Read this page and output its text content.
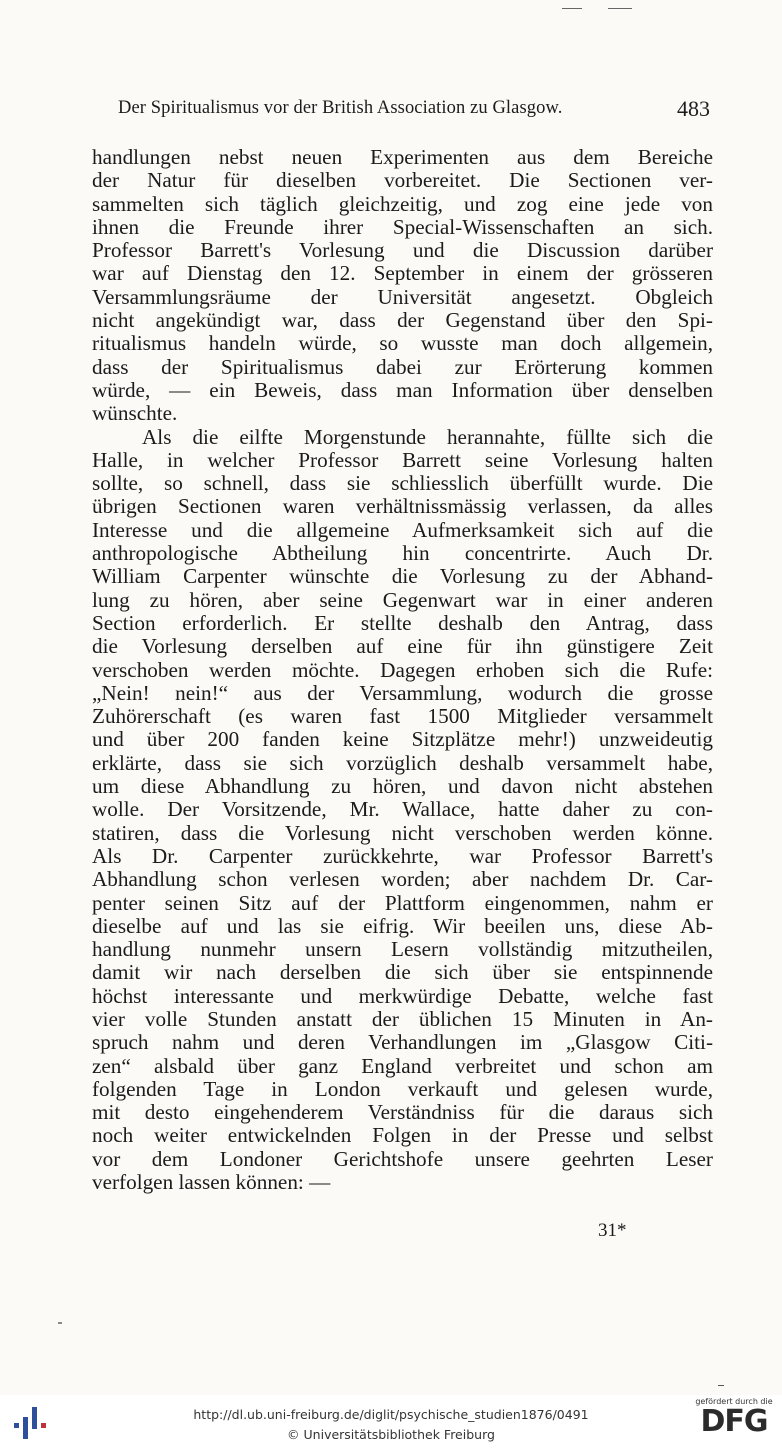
Der Spiritualismus vor der British Association zu Glasgow.	483
handlungen nebst neuen Experimenten aus dem Bereiche
der Natur für dieselben vorbereitet. Die Sectionen ver-
sammelten sich täglich gleichzeitig, und zog eine jede von
ihnen die Freunde ihrer Special-Wissenschaften an sich.
Professor Barrett's Vorlesung und die Discussion darüber
war auf Dienstag den 12. September in einem der grösseren
Versammlungsräume der Universität angesetzt. Obgleich
nicht angekündigt war, dass der Gegenstand über den Spi-
ritualismus handeln würde, so wusste man doch allgemein,
dass der Spiritualismus dabei zur Erörterung kommen
würde, — ein Beweis, dass man Information über denselben
wünschte.
Als die eilfte Morgenstunde herannahte, füllte sich die
Halle, in welcher Professor Barrett seine Vorlesung halten
sollte, so schnell, dass sie schliesslich überfüllt wurde. Die
übrigen Sectionen waren verhältnissmässig verlassen, da alles
Interesse und die allgemeine Aufmerksamkeit sich auf die
anthropologische Abtheilung hin concentrirte. Auch Dr.
William Carpenter wünschte die Vorlesung zu der Abhand-
lung zu hören, aber seine Gegenwart war in einer anderen
Section erforderlich. Er stellte deshalb den Antrag, dass
die Vorlesung derselben auf eine für ihn günstigere Zeit
verschoben werden möchte. Dagegen erhoben sich die Rufe:
„Nein! nein!“ aus der Versammlung, wodurch die grosse
Zuhörerschaft (es waren fast 1500 Mitglieder versammelt
und über 200 fanden keine Sitzplätze mehr!) unzweideutig
erklärte, dass sie sich vorzüglich deshalb versammelt habe,
um diese Abhandlung zu hören, und davon nicht abstehen
wolle. Der Vorsitzende, Mr. Wallace, hatte daher zu con-
statiren, dass die Vorlesung nicht verschoben werden könne.
Als Dr. Carpenter zurückkehrte, war Professor Barrett's
Abhandlung schon verlesen worden; aber nachdem Dr. Car-
penter seinen Sitz auf der Plattform eingenommen, nahm er
dieselbe auf und las sie eifrig. Wir beeilen uns, diese Ab-
handlung nunmehr unsern Lesern vollständig mitzutheilen,
damit wir nach derselben die sich über sie entspinnende
höchst interessante und merkwürdige Debatte, welche fast
vier volle Stunden anstatt der üblichen 15 Minuten in An-
spruch nahm und deren Verhandlungen im „Glasgow Citi-
zen“ alsbald über ganz England verbreitet und schon am
folgenden Tage in London verkauft und gelesen wurde,
mit desto eingehenderem Verständniss für die daraus sich
noch weiter entwickelnden Folgen in der Presse und selbst
vor dem Londoner Gerichtshofe unsere geehrten Leser
verfolgen lassen können: —
31*
http://dl.ub.uni-freiburg.de/diglit/psychische_studien1876/0491
© Universitätsbibliothek Freiburg
gefördert durch die
DFG
